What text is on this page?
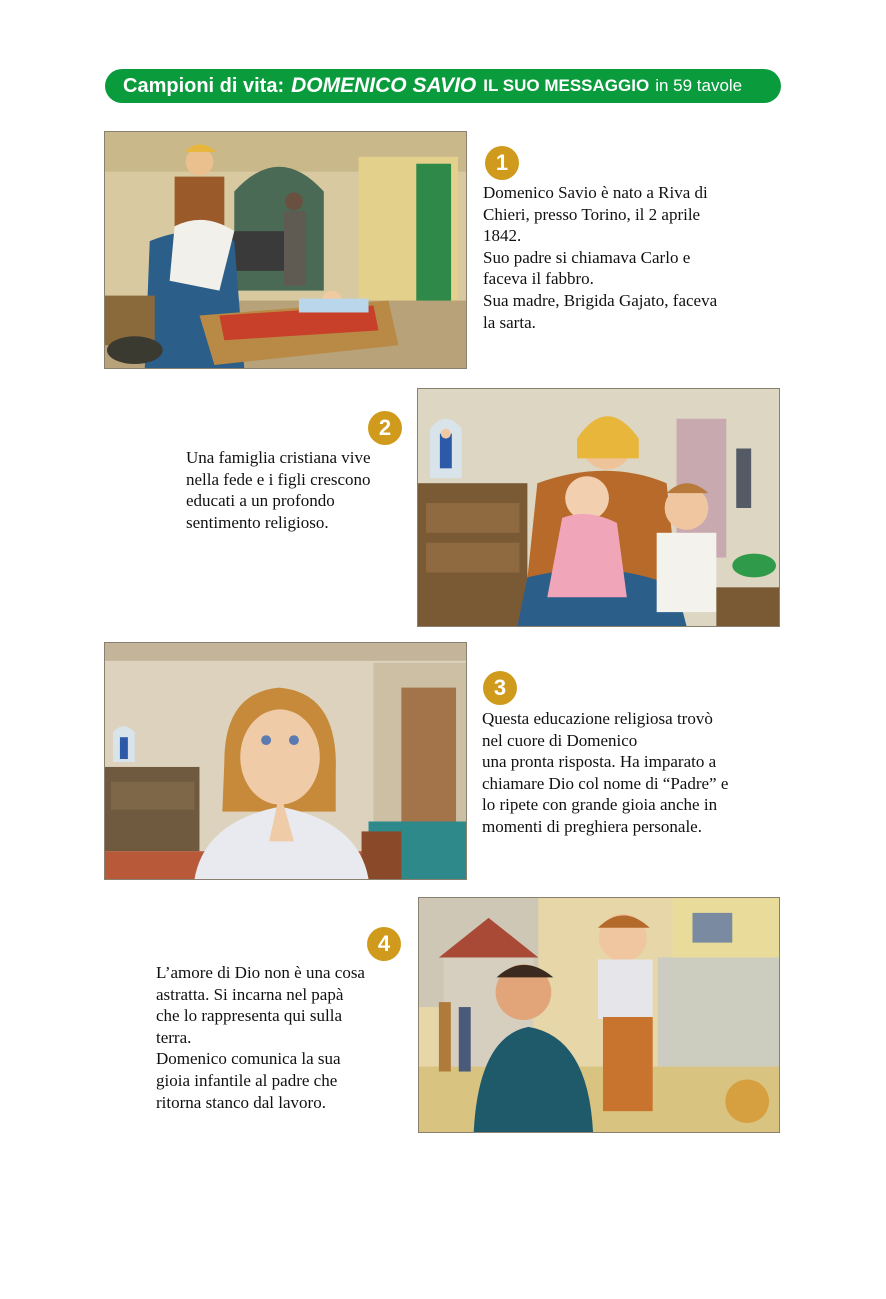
Campioni di vita: DOMENICO SAVIO IL SUO MESSAGGIO in 59 tavole
1

Domenico Savio è nato a Riva di

Chieri, presso Torino, il 2 aprile

1842.

Suo padre si chiamava Carlo e

faceva il fabbro.

Sua madre, Brigida Gajato, faceva

la sarta.

2

Una famiglia cristiana vive

nella fede e i figli crescono

educati a un profondo

sentimento religioso.

3

Questa educazione religiosa trovò

nel cuore di Domenico

una pronta risposta. Ha imparato a

chiamare Dio col nome di “Padre” e

lo ripete con grande gioia anche in

momenti di preghiera personale.

4

L’amore di Dio non è una cosa

astratta. Si incarna nel papà

che lo rappresenta qui sulla

terra.

Domenico comunica la sua

gioia infantile al padre che

ritorna stanco dal lavoro.
